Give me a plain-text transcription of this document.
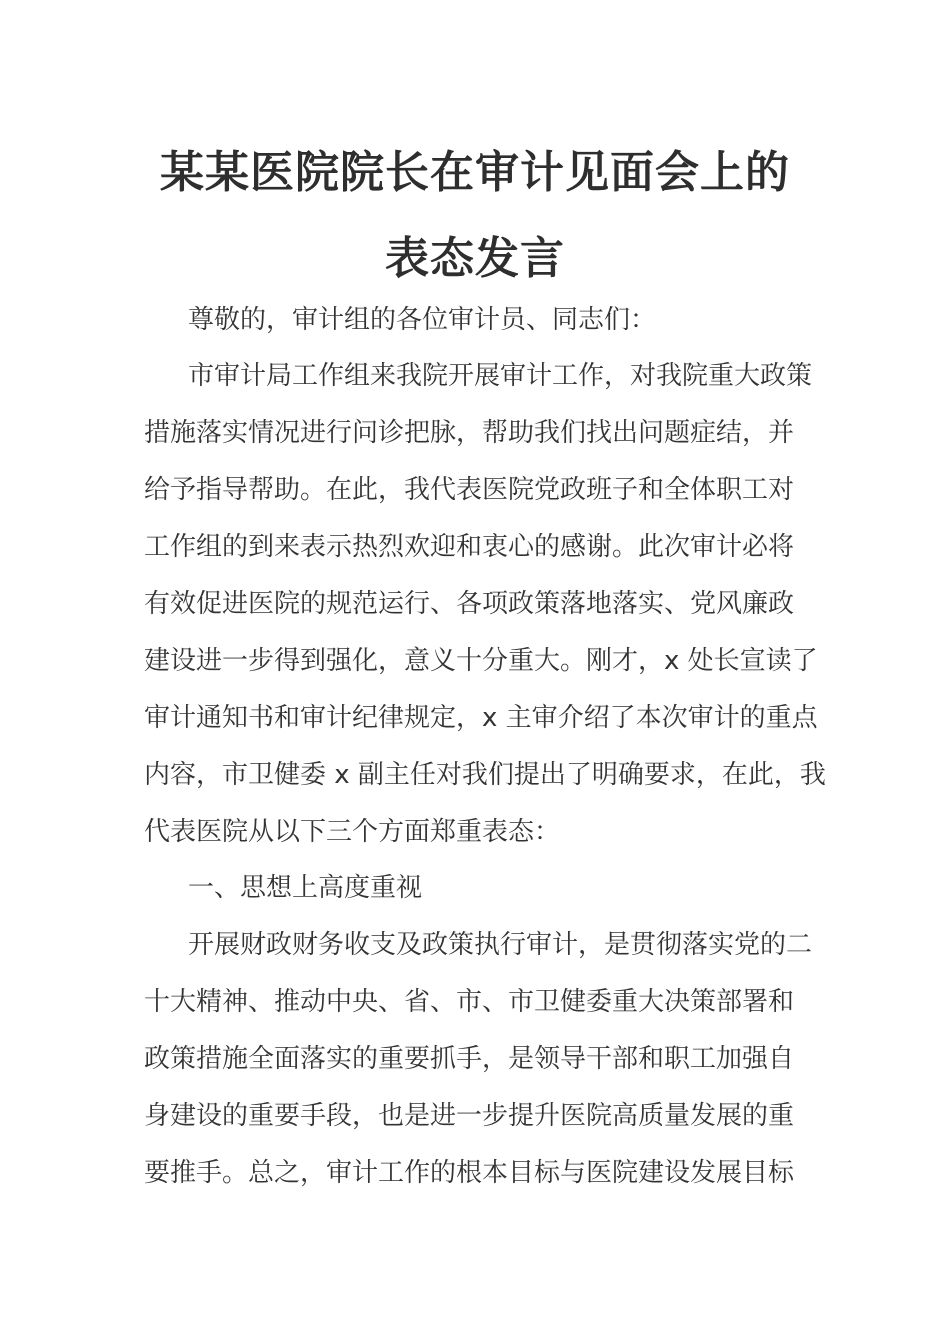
某某医院院长在审计见面会上的
表态发言
尊敬的，审计组的各位审计员、同志们：
市审计局工作组来我院开展审计工作，对我院重大政策
措施落实情况进行问诊把脉，帮助我们找出问题症结，并
给予指导帮助。在此，我代表医院党政班子和全体职工对
工作组的到来表示热烈欢迎和衷心的感谢。此次审计必将
有效促进医院的规范运行、各项政策落地落实、党风廉政
建设进一步得到强化，意义十分重大。刚才，x 处长宣读了
审计通知书和审计纪律规定，x 主审介绍了本次审计的重点
内容，市卫健委 x 副主任对我们提出了明确要求，在此，我
代表医院从以下三个方面郑重表态：
一、思想上高度重视
开展财政财务收支及政策执行审计，是贯彻落实党的二
十大精神、推动中央、省、市、市卫健委重大决策部署和
政策措施全面落实的重要抓手，是领导干部和职工加强自
身建设的重要手段，也是进一步提升医院高质量发展的重
要推手。总之，审计工作的根本目标与医院建设发展目标
